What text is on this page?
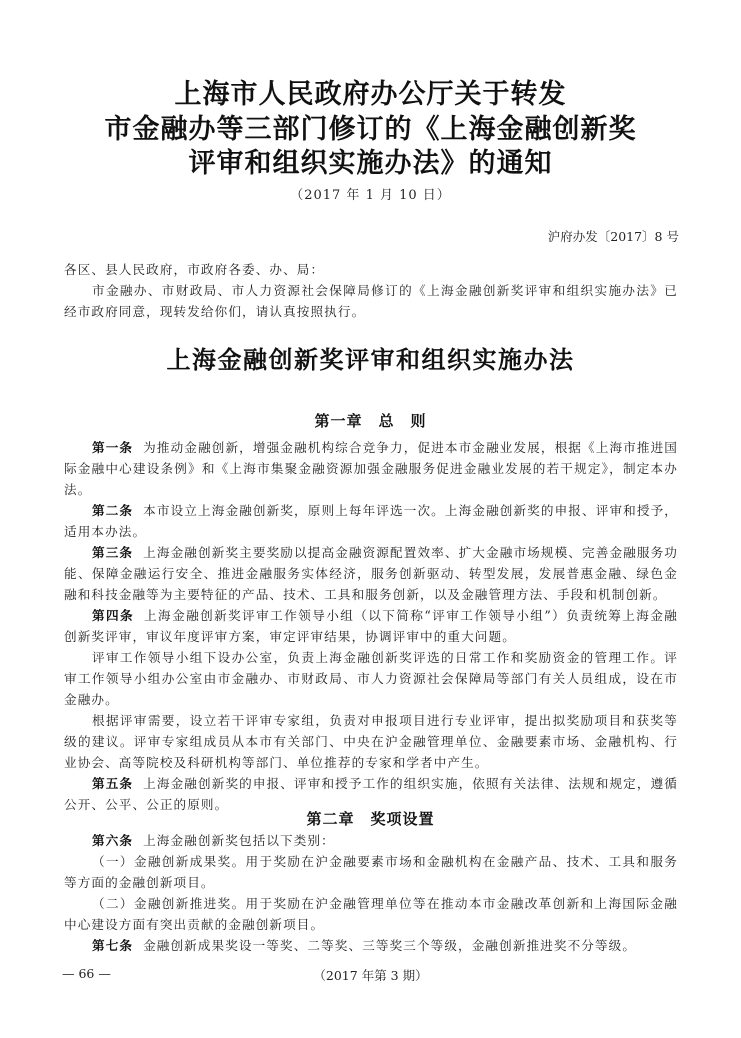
上海市人民政府办公厅关于转发
市金融办等三部门修订的《上海金融创新奖
评审和组织实施办法》的通知
（2017 年 1 月 10 日）
沪府办发〔2017〕8 号

各区、县人民政府，市政府各委、办、局：

市金融办、市财政局、市人力资源社会保障局修订的《上海金融创新奖评审和组织实施办法》已经市政府同意，现转发给你们，请认真按照执行。

上海金融创新奖评审和组织实施办法
第一章　总　则

第一条 为推动金融创新，增强金融机构综合竞争力，促进本市金融业发展，根据《上海市推进国际金融中心建设条例》和《上海市集聚金融资源加强金融服务促进金融业发展的若干规定》，制定本办法。

第二条 本市设立上海金融创新奖，原则上每年评选一次。上海金融创新奖的申报、评审和授予，适用本办法。

第三条 上海金融创新奖主要奖励以提高金融资源配置效率、扩大金融市场规模、完善金融服务功能、保障金融运行安全、推进金融服务实体经济，服务创新驱动、转型发展，发展普惠金融、绿色金融和科技金融等为主要特征的产品、技术、工具和服务创新，以及金融管理方法、手段和机制创新。

第四条 上海金融创新奖评审工作领导小组（以下简称“评审工作领导小组”）负责统筹上海金融创新奖评审，审议年度评审方案，审定评审结果，协调评审中的重大问题。

评审工作领导小组下设办公室，负责上海金融创新奖评选的日常工作和奖励资金的管理工作。评审工作领导小组办公室由市金融办、市财政局、市人力资源社会保障局等部门有关人员组成，设在市金融办。

根据评审需要，设立若干评审专家组，负责对申报项目进行专业评审，提出拟奖励项目和获奖等级的建议。评审专家组成员从本市有关部门、中央在沪金融管理单位、金融要素市场、金融机构、行业协会、高等院校及科研机构等部门、单位推荐的专家和学者中产生。

第五条 上海金融创新奖的申报、评审和授予工作的组织实施，依照有关法律、法规和规定，遵循公开、公平、公正的原则。

第二章　奖项设置

第六条 上海金融创新奖包括以下类别：

（一）金融创新成果奖。用于奖励在沪金融要素市场和金融机构在金融产品、技术、工具和服务等方面的金融创新项目。

（二）金融创新推进奖。用于奖励在沪金融管理单位等在推动本市金融改革创新和上海国际金融中心建设方面有突出贡献的金融创新项目。

第七条 金融创新成果奖设一等奖、二等奖、三等奖三个等级，金融创新推进奖不分等级。

— 66 —	（2017 年第 3 期）
